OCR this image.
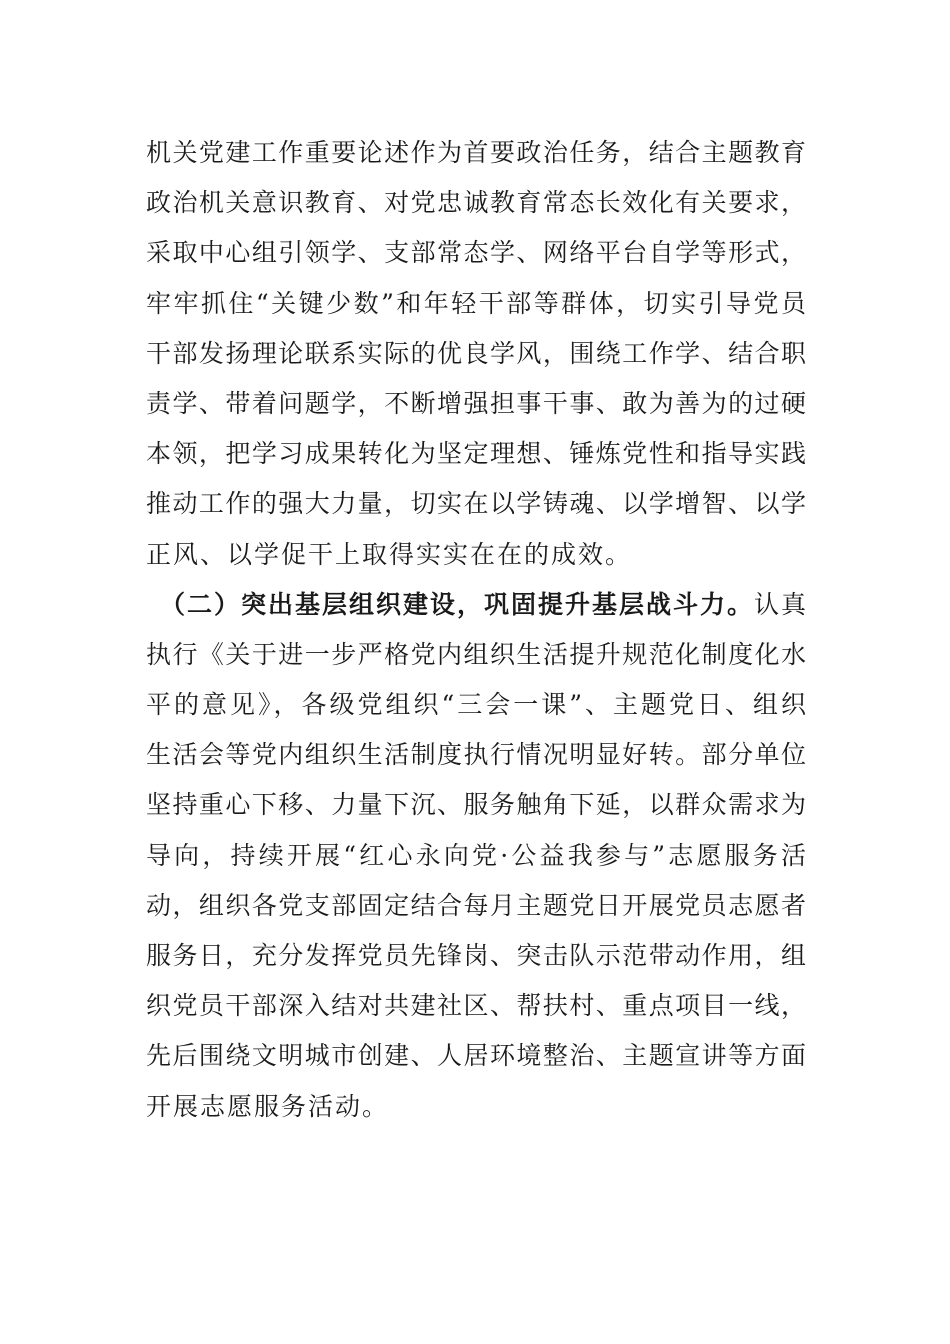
机关党建工作重要论述作为首要政治任务，结合主题教育
政治机关意识教育、对党忠诚教育常态长效化有关要求，
采取中心组引领学、支部常态学、网络平台自学等形式，
牢牢抓住“关键少数”和年轻干部等群体，切实引导党员
干部发扬理论联系实际的优良学风，围绕工作学、结合职
责学、带着问题学，不断增强担事干事、敢为善为的过硬
本领，把学习成果转化为坚定理想、锤炼党性和指导实践
推动工作的强大力量，切实在以学铸魂、以学增智、以学
正风、以学促干上取得实实在在的成效。
（二）突出基层组织建设，巩固提升基层战斗力。认真
执行《关于进一步严格党内组织生活提升规范化制度化水
平的意见》，各级党组织“三会一课”、主题党日、组织
生活会等党内组织生活制度执行情况明显好转。部分单位
坚持重心下移、力量下沉、服务触角下延，以群众需求为
导向，持续开展“红心永向党·公益我参与”志愿服务活
动，组织各党支部固定结合每月主题党日开展党员志愿者
服务日，充分发挥党员先锋岗、突击队示范带动作用，组
织党员干部深入结对共建社区、帮扶村、重点项目一线，
先后围绕文明城市创建、人居环境整治、主题宣讲等方面
开展志愿服务活动。
